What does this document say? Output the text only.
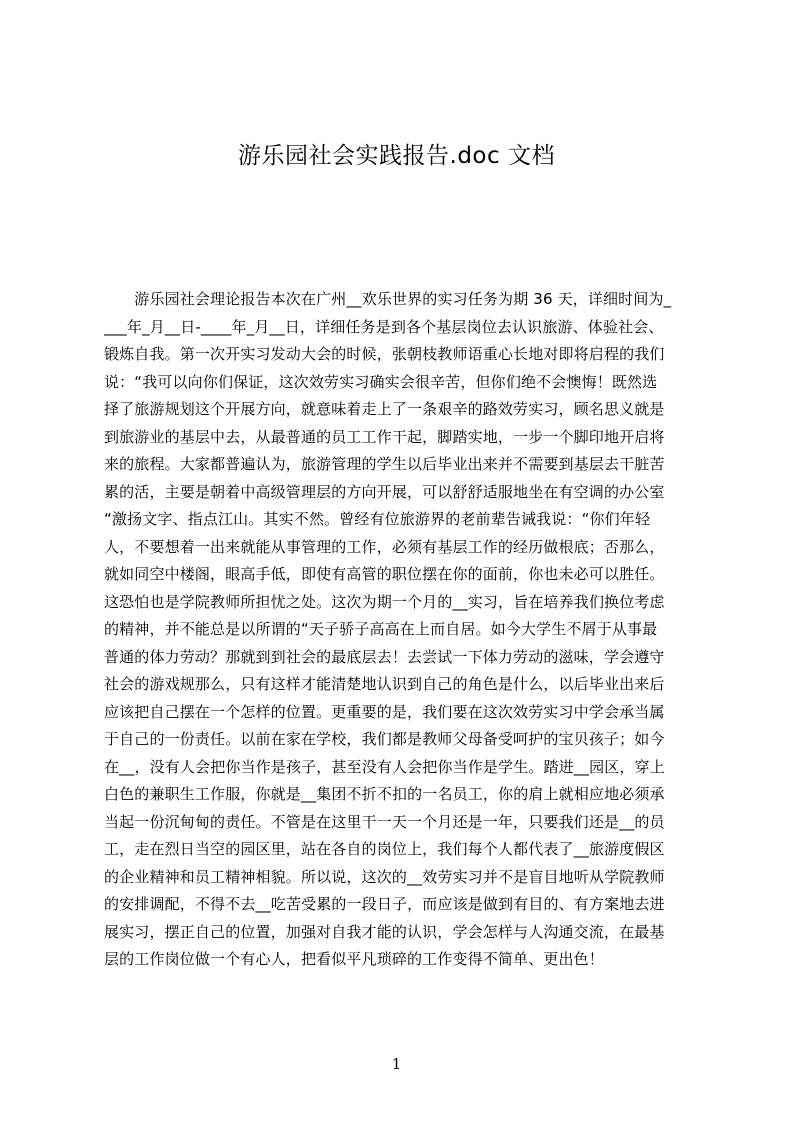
游乐园社会实践报告.doc 文档
　　游乐园社会理论报告本次在广州__欢乐世界的实习任务为期 36 天，详细时间为_
___年_月__日-____年_月__日，详细任务是到各个基层岗位去认识旅游、体验社会、
锻炼自我。第一次开实习发动大会的时候，张朝枝教师语重心长地对即将启程的我们
说：“我可以向你们保证，这次效劳实习确实会很辛苦，但你们绝不会懊悔！既然选
择了旅游规划这个开展方向，就意味着走上了一条艰辛的路效劳实习，顾名思义就是
到旅游业的基层中去，从最普通的员工工作干起，脚踏实地，一步一个脚印地开启将
来的旅程。大家都普遍认为，旅游管理的学生以后毕业出来并不需要到基层去干脏苦
累的活，主要是朝着中高级管理层的方向开展，可以舒舒适服地坐在有空调的办公室
“激扬文字、指点江山。其实不然。曾经有位旅游界的老前辈告诫我说：“你们年轻
人，不要想着一出来就能从事管理的工作，必须有基层工作的经历做根底；否那么，
就如同空中楼阁，眼高手低，即使有高管的职位摆在你的面前，你也未必可以胜任。
这恐怕也是学院教师所担忧之处。这次为期一个月的__实习，旨在培养我们换位考虑
的精神，并不能总是以所谓的“天子骄子高高在上而自居。如今大学生不屑于从事最
普通的体力劳动？那就到到社会的最底层去！去尝试一下体力劳动的滋味，学会遵守
社会的游戏规那么，只有这样才能清楚地认识到自己的角色是什么，以后毕业出来后
应该把自己摆在一个怎样的位置。更重要的是，我们要在这次效劳实习中学会承当属
于自己的一份责任。以前在家在学校，我们都是教师父母备受呵护的宝贝孩子；如今
在__，没有人会把你当作是孩子，甚至没有人会把你当作是学生。踏进__园区，穿上
白色的兼职生工作服，你就是__集团不折不扣的一名员工，你的肩上就相应地必须承
当起一份沉甸甸的责任。不管是在这里干一天一个月还是一年，只要我们还是__的员
工，走在烈日当空的园区里，站在各自的岗位上，我们每个人都代表了__旅游度假区
的企业精神和员工精神相貌。所以说，这次的__效劳实习并不是盲目地听从学院教师
的安排调配，不得不去__吃苦受累的一段日子，而应该是做到有目的、有方案地去进
展实习，摆正自己的位置，加强对自我才能的认识，学会怎样与人沟通交流，在最基
层的工作岗位做一个有心人，把看似平凡琐碎的工作变得不简单、更出色！
1
